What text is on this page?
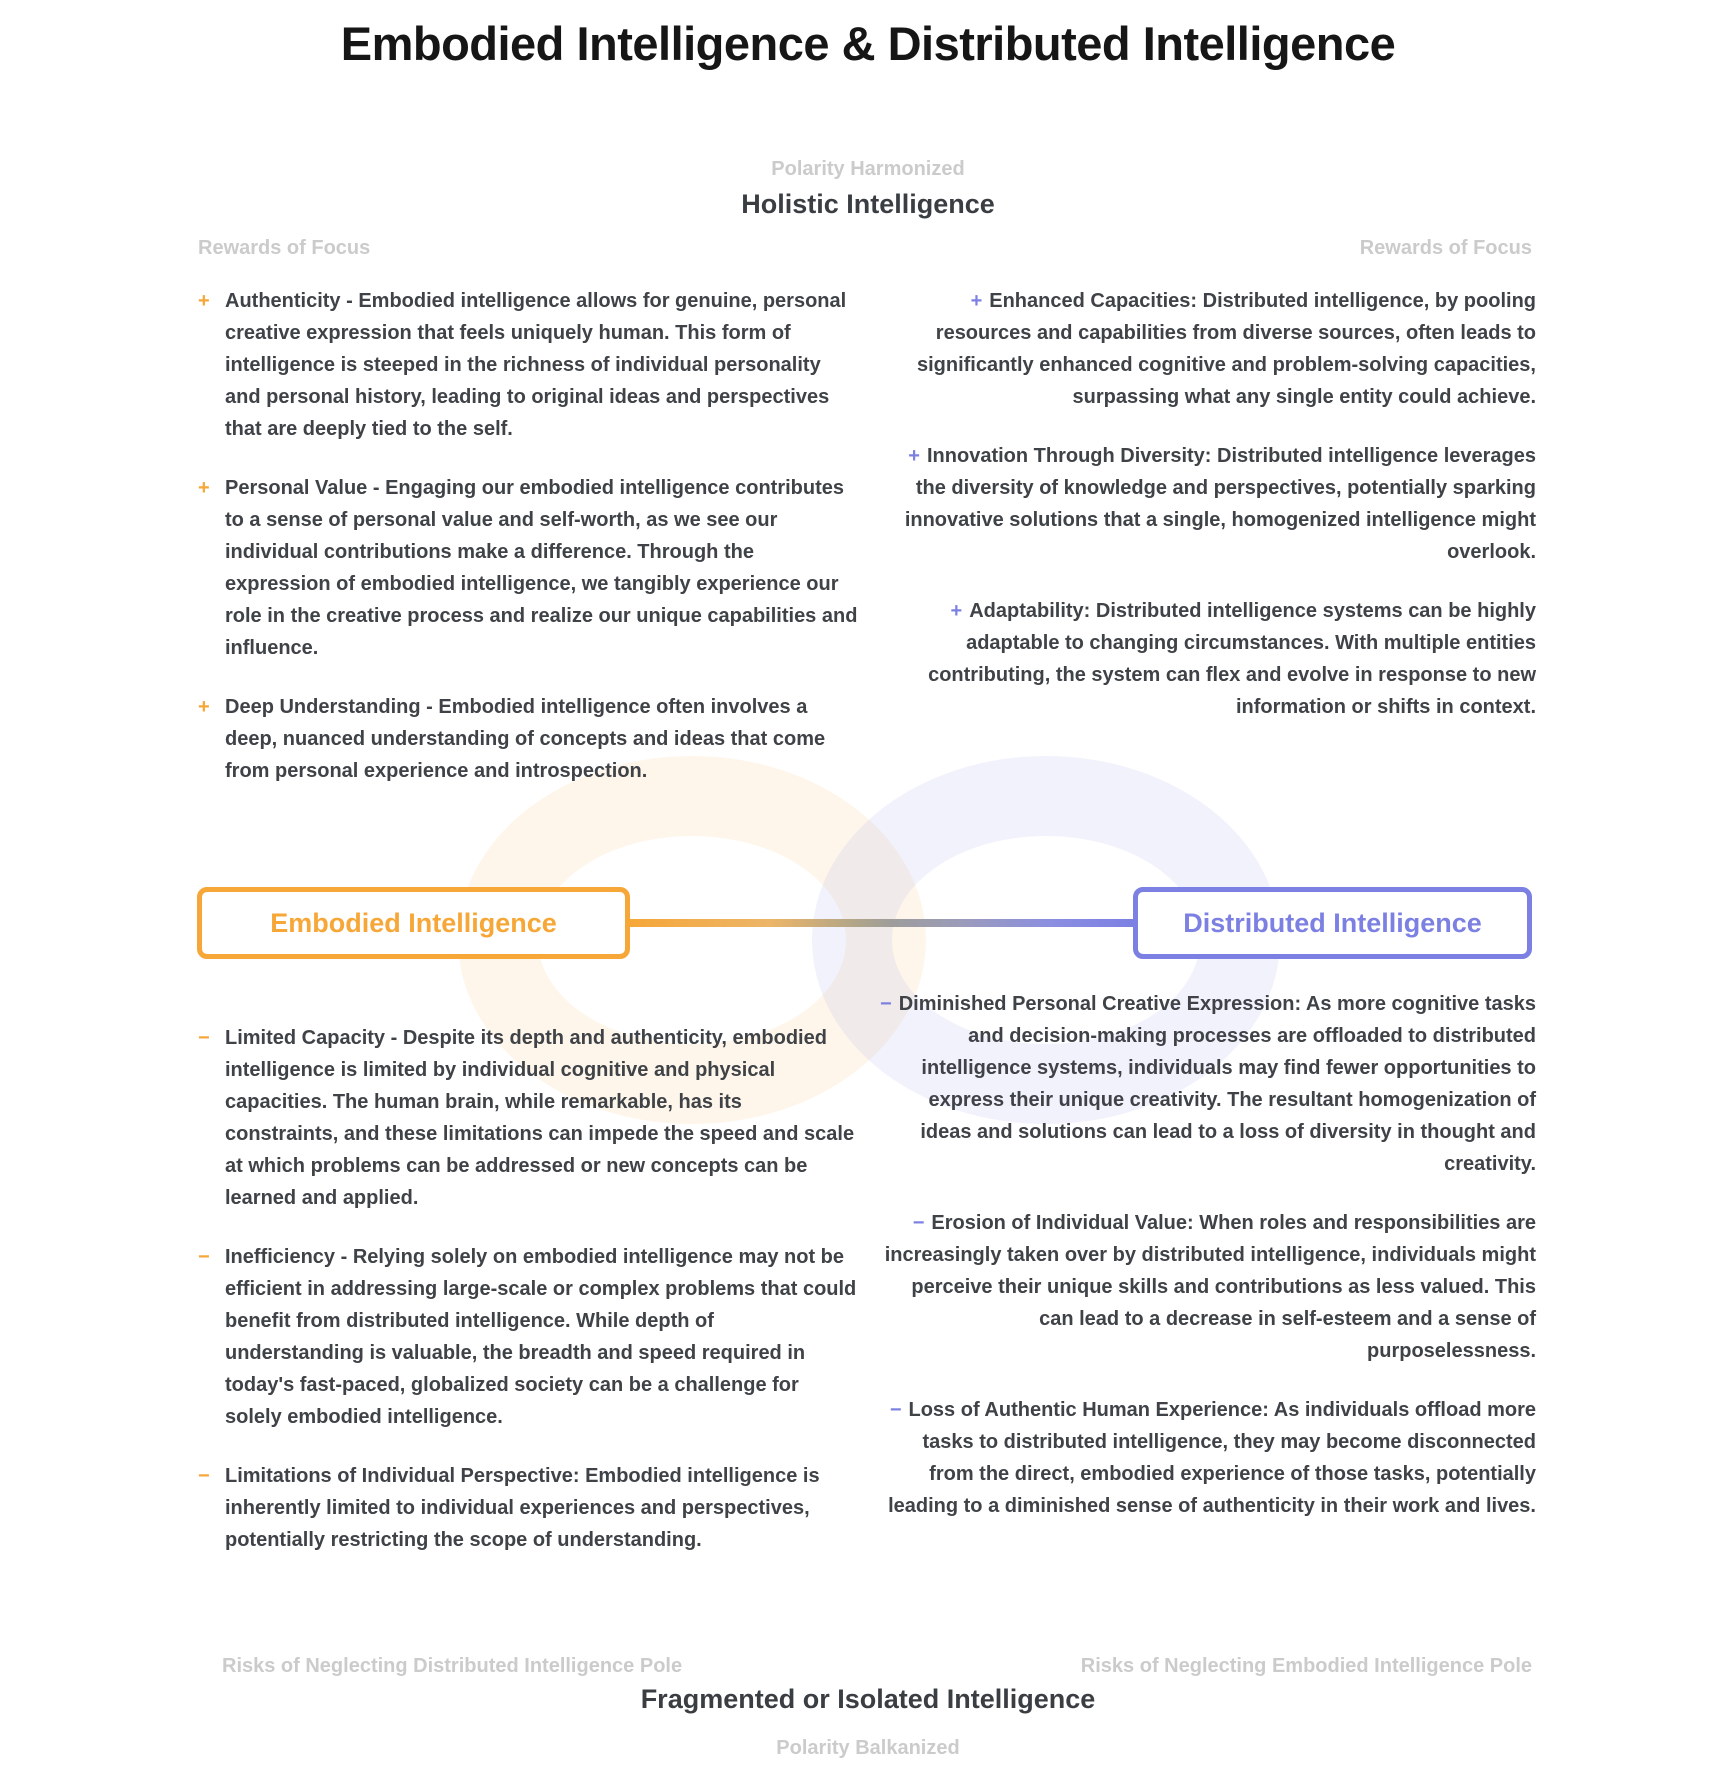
Embodied Intelligence & Distributed Intelligence
Polarity Harmonized
Holistic Intelligence
Rewards of Focus	Rewards of Focus
+ Authenticity - Embodied intelligence allows for genuine, personal creative expression that feels uniquely human. This form of intelligence is steeped in the richness of individual personality and personal history, leading to original ideas and perspectives that are deeply tied to the self.

+ Personal Value - Engaging our embodied intelligence contributes to a sense of personal value and self-worth, as we see our individual contributions make a difference. Through the expression of embodied intelligence, we tangibly experience our role in the creative process and realize our unique capabilities and influence.

+ Deep Understanding - Embodied intelligence often involves a deep, nuanced understanding of concepts and ideas that come from personal experience and introspection.

+ Enhanced Capacities: Distributed intelligence, by pooling resources and capabilities from diverse sources, often leads to significantly enhanced cognitive and problem-solving capacities, surpassing what any single entity could achieve.

+ Innovation Through Diversity: Distributed intelligence leverages the diversity of knowledge and perspectives, potentially sparking innovative solutions that a single, homogenized intelligence might overlook.

+ Adaptability: Distributed intelligence systems can be highly adaptable to changing circumstances. With multiple entities contributing, the system can flex and evolve in response to new information or shifts in context.

Embodied Intelligence	Distributed Intelligence
− Limited Capacity - Despite its depth and authenticity, embodied intelligence is limited by individual cognitive and physical capacities. The human brain, while remarkable, has its constraints, and these limitations can impede the speed and scale at which problems can be addressed or new concepts can be learned and applied.

− Inefficiency - Relying solely on embodied intelligence may not be efficient in addressing large-scale or complex problems that could benefit from distributed intelligence. While depth of understanding is valuable, the breadth and speed required in today's fast-paced, globalized society can be a challenge for solely embodied intelligence.

− Limitations of Individual Perspective: Embodied intelligence is inherently limited to individual experiences and perspectives, potentially restricting the scope of understanding.

− Diminished Personal Creative Expression: As more cognitive tasks and decision-making processes are offloaded to distributed intelligence systems, individuals may find fewer opportunities to express their unique creativity. The resultant homogenization of ideas and solutions can lead to a loss of diversity in thought and creativity.

− Erosion of Individual Value: When roles and responsibilities are increasingly taken over by distributed intelligence, individuals might perceive their unique skills and contributions as less valued. This can lead to a decrease in self-esteem and a sense of purposelessness.

− Loss of Authentic Human Experience: As individuals offload more tasks to distributed intelligence, they may become disconnected from the direct, embodied experience of those tasks, potentially leading to a diminished sense of authenticity in their work and lives.

Risks of Neglecting Distributed Intelligence Pole	Risks of Neglecting Embodied Intelligence Pole
Fragmented or Isolated Intelligence
Polarity Balkanized
